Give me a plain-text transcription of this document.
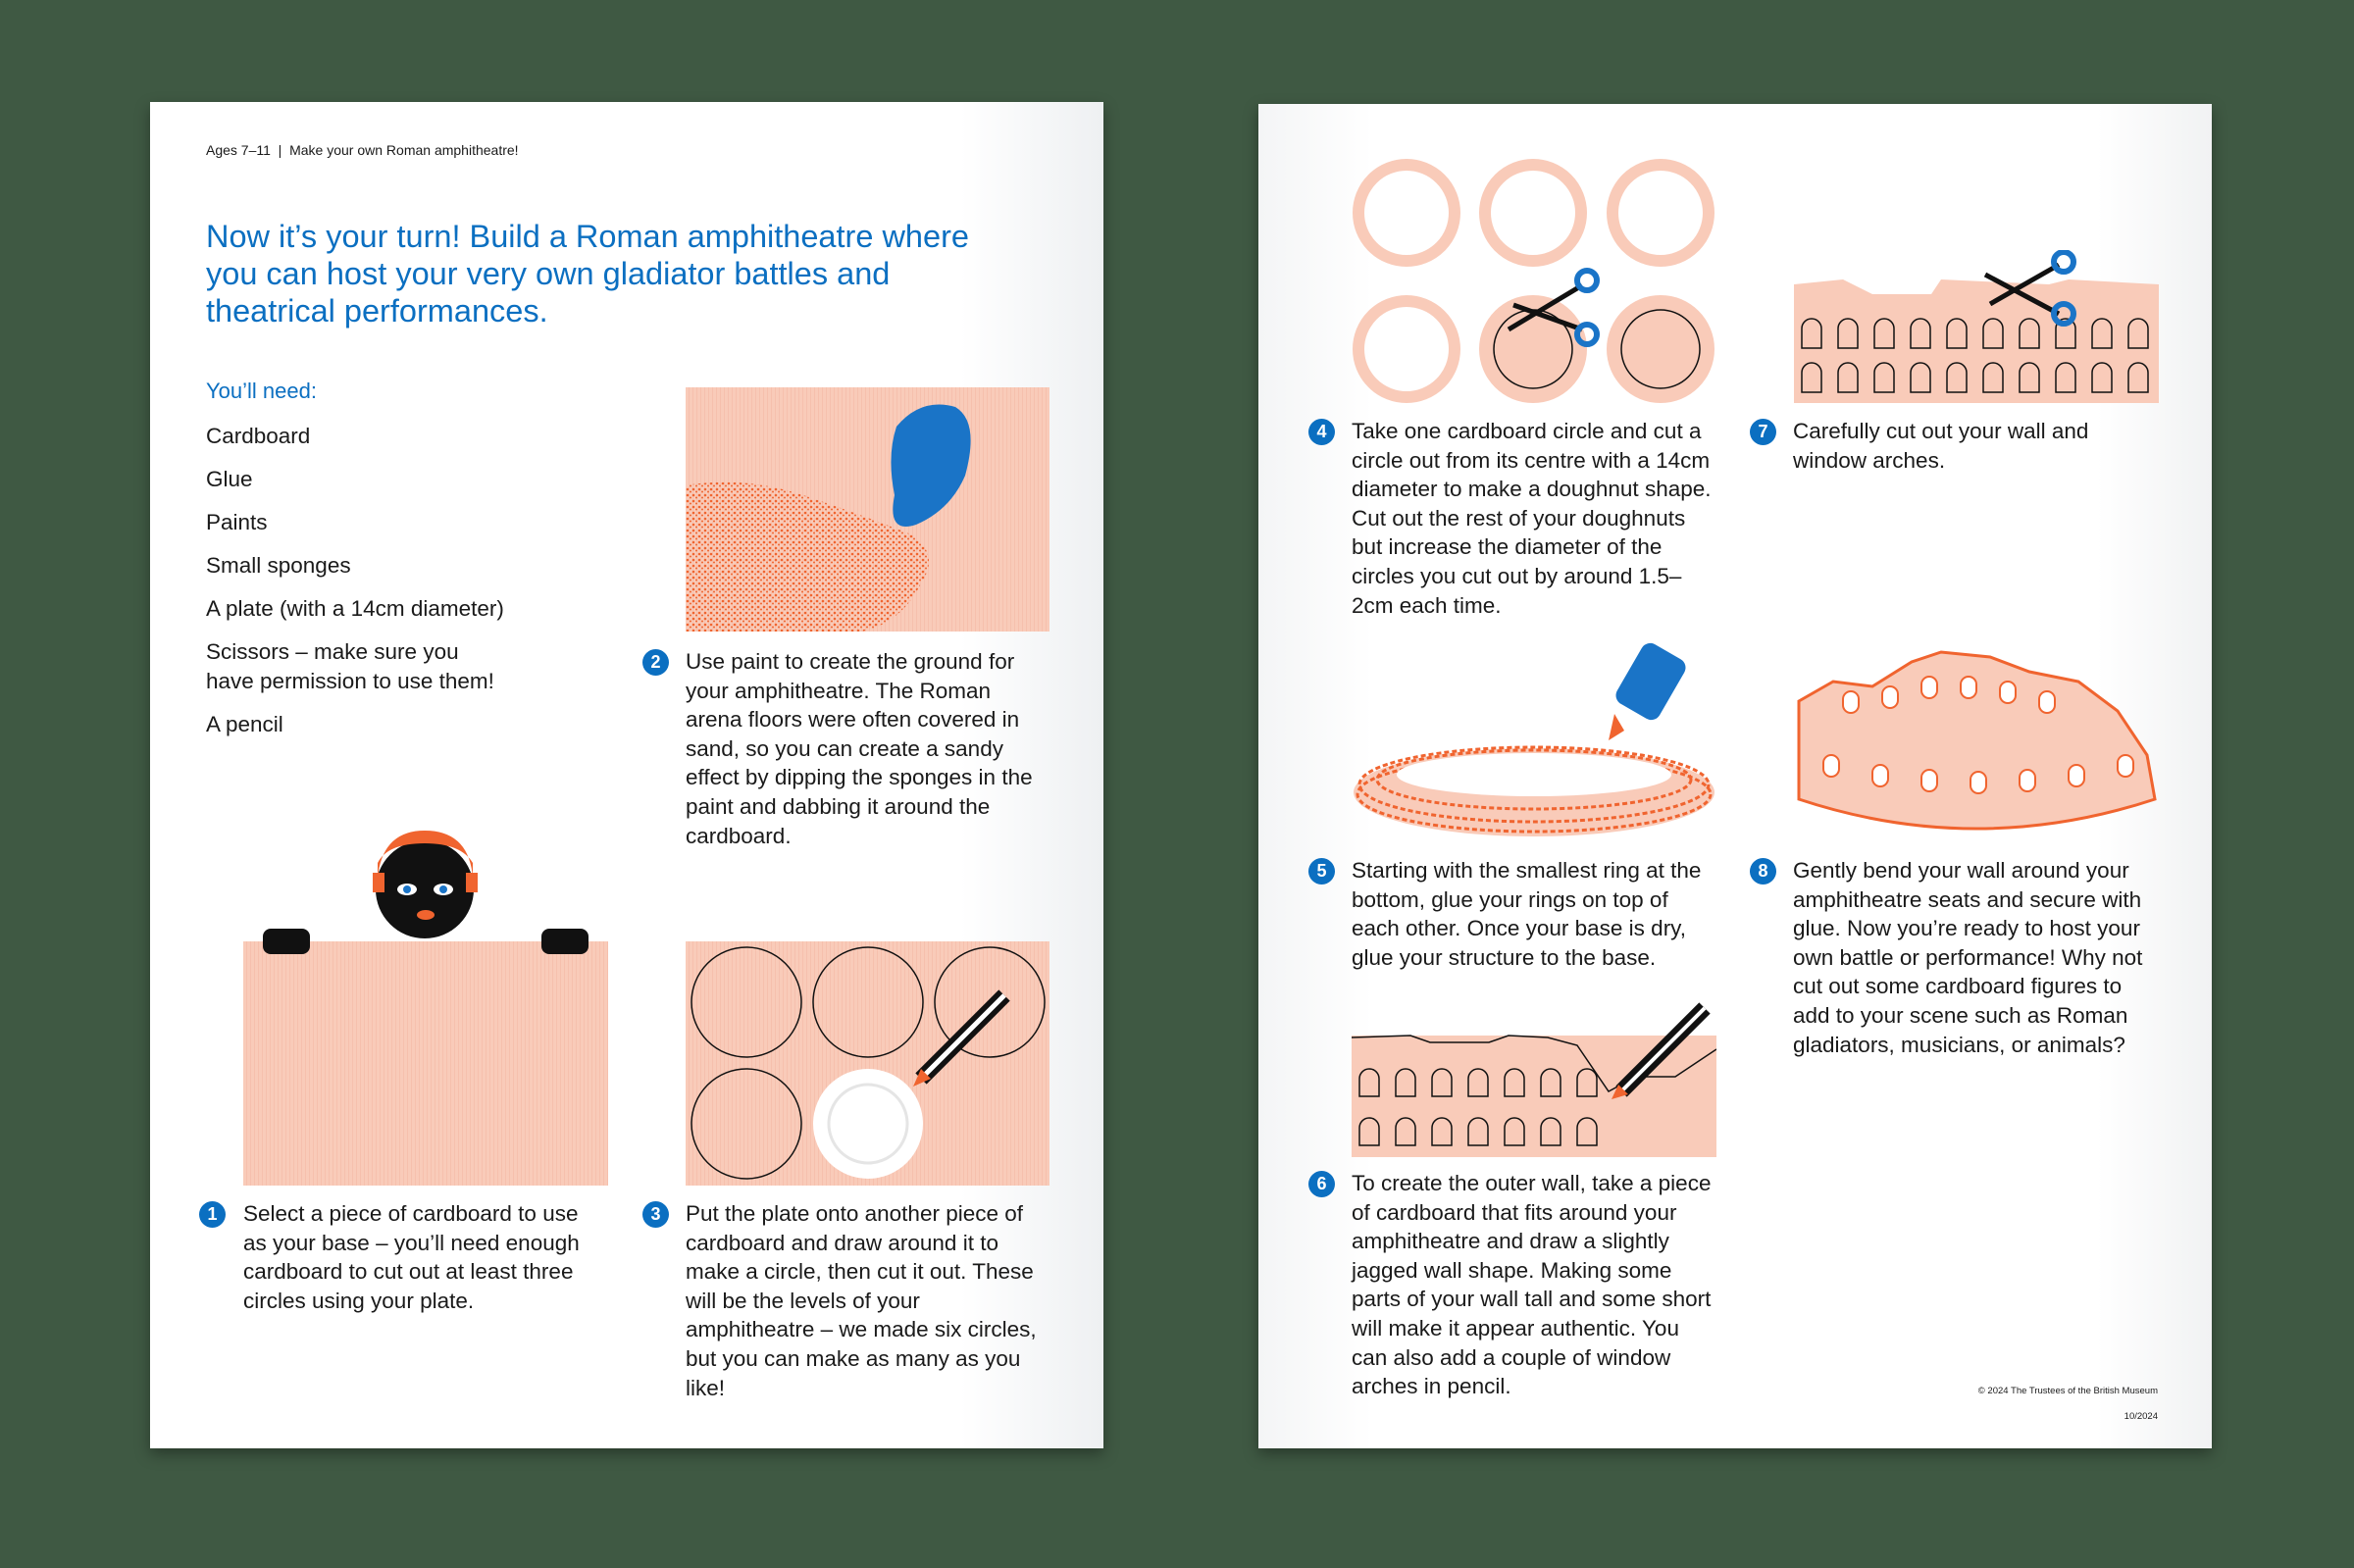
Ages 7–11  |  Make your own Roman amphitheatre!
Now it’s your turn! Build a Roman amphitheatre where you can host your very own gladiator battles and theatrical performances.
You’ll need:
Cardboard
Glue
Paints
Small sponges
A plate (with a 14cm diameter)
Scissors – make sure you have permission to use them!
A pencil
2	Use paint to create the ground for your amphitheatre. The Roman arena floors were often covered in sand, so you can create a sandy effect by dipping the sponges in the paint and dabbing it around the cardboard.
1	Select a piece of cardboard to use as your base – you’ll need enough cardboard to cut out at least three circles using your plate.
3	Put the plate onto another piece of cardboard and draw around it to make a circle, then cut it out. These will be the levels of your amphitheatre – we made six circles, but you can make as many as you like!
4	Take one cardboard circle and cut a circle out from its centre with a 14cm diameter to make a doughnut shape. Cut out the rest of your doughnuts but increase the diameter of the circles you cut out by around 1.5–2cm each time.
7	Carefully cut out your wall and window arches.
5	Starting with the smallest ring at the bottom, glue your rings on top of each other. Once your base is dry, glue your structure to the base.
8	Gently bend your wall around your amphitheatre seats and secure with glue. Now you’re ready to host your own battle or performance! Why not cut out some cardboard figures to add to your scene such as Roman gladiators, musicians, or animals?
6	To create the outer wall, take a piece of cardboard that fits around your amphitheatre and draw a slightly jagged wall shape. Making some parts of your wall tall and some short will make it appear authentic. You can also add a couple of window arches in pencil.	© 2024 The Trustees of the British Museum
10/2024
